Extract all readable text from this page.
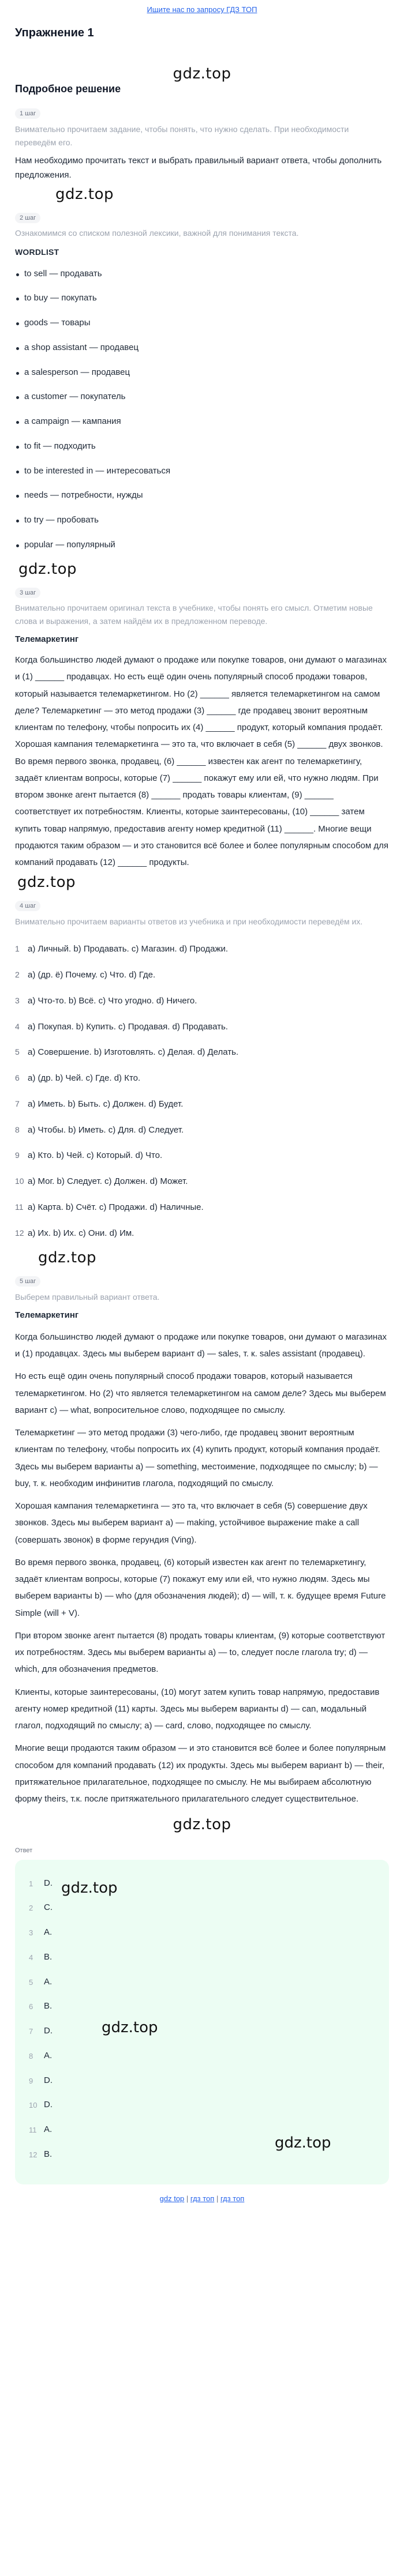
Ищите нас по запросу ГДЗ ТОП
Упражнение 1
gdz.top
Подробное решение
1 шаг
Внимательно прочитаем задание, чтобы понять, что нужно сделать. При необходимости переведём его.
Нам необходимо прочитать текст и выбрать правильный вариант ответа, чтобы дополнить предложения.
gdz.top
2 шаг
Ознакомимся со списком полезной лексики, важной для понимания текста.
WORDLIST
to sell — продавать
to buy — покупать
goods — товары
a shop assistant — продавец
a salesperson — продавец
a customer — покупатель
a campaign — кампания
to fit — подходить
to be interested in — интересоваться
needs — потребности, нужды
to try — пробовать
popular — популярный
gdz.top
3 шаг
Внимательно прочитаем оригинал текста в учебнике, чтобы понять его смысл. Отметим новые слова и выражения, а затем найдём их в предложенном переводе.
Телемаркетинг
Когда большинство людей думают о продаже или покупке товаров, они думают о магазинах и (1) ______ продавцах. Но есть ещё один очень популярный способ продажи товаров, который называется телемаркетингом. Но (2) ______ является телемаркетингом на самом деле? Телемаркетинг — это метод продажи (3) ______ где продавец звонит вероятным клиентам по телефону, чтобы попросить их (4) ______ продукт, который компания продаёт. Хорошая кампания телемаркетинга — это та, что включает в себя (5) ______ двух звонков. Во время первого звонка, продавец, (6) ______ известен как агент по телемаркетингу, задаёт клиентам вопросы, которые (7) ______ покажут ему или ей, что нужно людям. При втором звонке агент пытается (8) ______ продать товары клиентам, (9) ______ соответствует их потребностям. Клиенты, которые заинтересованы, (10) ______ затем купить товар напрямую, предоставив агенту номер кредитной (11) ______. Многие вещи продаются таким образом — и это становится всё более и более популярным способом для компаний продавать (12) ______ продукты.
gdz.top
4 шаг
Внимательно прочитаем варианты ответов из учебника и при необходимости переведём их.
1 a) Личный. b) Продавать. c) Магазин. d) Продажи.
2 a) (др. ё) Почему. c) Что. d) Где.
3 a) Что-то. b) Всё. c) Что угодно. d) Ничего.
4 a) Покупая. b) Купить. c) Продавая. d) Продавать.
5 a) Совершение. b) Изготовлять. c) Делая. d) Делать.
6 a) (др. b) Чей. c) Где. d) Кто.
7 a) Иметь. b) Быть. c) Должен. d) Будет.
8 a) Чтобы. b) Иметь. c) Для. d) Следует.
9 a) Кто. b) Чей. c) Который. d) Что.
10 a) Мог. b) Следует. c) Должен. d) Может.
11 a) Карта. b) Счёт. c) Продажи. d) Наличные.
12 a) Их. b) Их. c) Они. d) Им.
gdz.top
5 шаг
Выберем правильный вариант ответа.
Телемаркетинг

Когда большинство людей думают о продаже или покупке товаров, они думают о магазинах и (1) продавцах. Здесь мы выберем вариант d) — sales, т. к. sales assistant (продавец).

Но есть ещё один очень популярный способ продажи товаров, который называется телемаркетингом. Но (2) что является телемаркетингом на самом деле? Здесь мы выберем вариант c) — what, вопросительное слово, подходящее по смыслу.

Телемаркетинг — это метод продажи (3) чего-либо, где продавец звонит вероятным клиентам по телефону, чтобы попросить их (4) купить продукт, который компания продаёт. Здесь мы выберем варианты a) — something, местоимение, подходящее по смыслу; b) — buy, т. к. необходим инфинитив глагола, подходящий по смыслу.

Хорошая кампания телемаркетинга — это та, что включает в себя (5) совершение двух звонков. Здесь мы выберем вариант a) — making, устойчивое выражение make a call (совершать звонок) в форме герундия (Ving).

Во время первого звонка, продавец, (6) который известен как агент по телемаркетингу, задаёт клиентам вопросы, которые (7) покажут ему или ей, что нужно людям. Здесь мы выберем варианты b) — who (для обозначения людей); d) — will, т. к. будущее время Future Simple (will + V).

При втором звонке агент пытается (8) продать товары клиентам, (9) которые соответствуют их потребностям. Здесь мы выберем варианты a) — to, следует после глагола try; d) — which, для обозначения предметов.

Клиенты, которые заинтересованы, (10) могут затем купить товар напрямую, предоставив агенту номер кредитной (11) карты. Здесь мы выберем варианты d) — can, модальный глагол, подходящий по смыслу; a) — card, слово, подходящее по смыслу.

Многие вещи продаются таким образом — и это становится всё более и более популярным способом для компаний продавать (12) их продукты. Здесь мы выберем вариант b) — their, притяжательное прилагательное, подходящее по смыслу. Не мы выбираем абсолютную форму theirs, т.к. после притяжательного прилагательного следует существительное.

gdz.top
Ответ
gdz.top
gdz.top
gdz.top
1	D.
2	C.
3	A.
4	B.
5	A.
6	B.
7	D.
8	A.
9	D.
10 D.
11 A.
12 B.
gdz top | гдз топ | гдз топ
